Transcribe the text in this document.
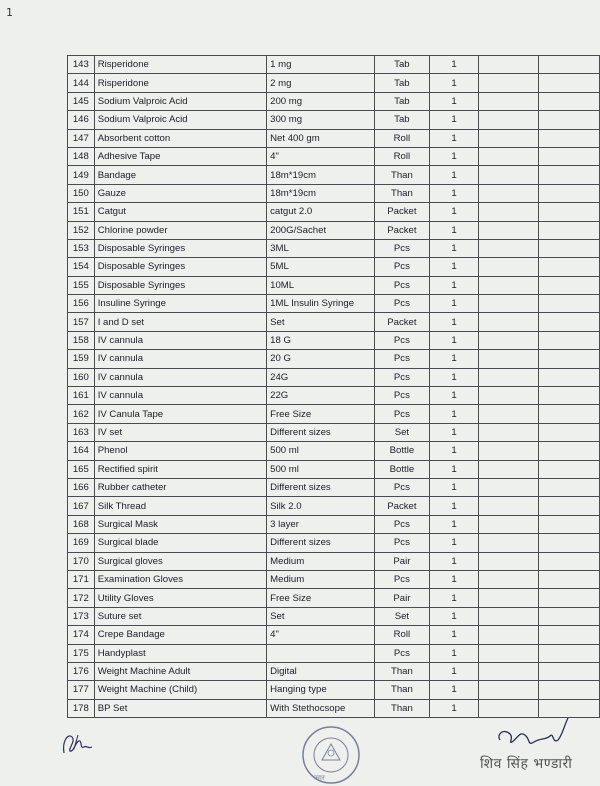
1
143	Risperidone	1 mg	Tab	1		
144	Risperidone	2 mg	Tab	1		
145	Sodium Valproic Acid	200 mg	Tab	1		
146	Sodium Valproic Acid	300 mg	Tab	1		
147	Absorbent cotton	Net 400 gm	Roll	1		
148	Adhesive Tape	4"	Roll	1		
149	Bandage	18m*19cm	Than	1		
150	Gauze	18m*19cm	Than	1		
151	Catgut	catgut 2.0	Packet	1		
152	Chlorine powder	200G/Sachet	Packet	1		
153	Disposable Syringes	3ML	Pcs	1		
154	Disposable Syringes	5ML	Pcs	1		
155	Disposable Syringes	10ML	Pcs	1		
156	Insuline Syringe	1ML Insulin Syringe	Pcs	1		
157	I and D set	Set	Packet	1		
158	IV cannula	18 G	Pcs	1		
159	IV cannula	20 G	Pcs	1		
160	IV cannula	24G	Pcs	1		
161	IV cannula	22G	Pcs	1		
162	IV Canula Tape	Free Size	Pcs	1		
163	IV set	Different sizes	Set	1		
164	Phenol	500 ml	Bottle	1		
165	Rectified spirit	500 ml	Bottle	1		
166	Rubber catheter	Different sizes	Pcs	1		
167	Silk Thread	Silk 2.0	Packet	1		
168	Surgical Mask	3 layer	Pcs	1		
169	Surgical blade	Different sizes	Pcs	1		
170	Surgical gloves	Medium	Pair	1		
171	Examination Gloves	Medium	Pcs	1		
172	Utility Gloves	Free Size	Pair	1		
173	Suture set	Set	Set	1		
174	Crepe Bandage	4"	Roll	1		
175	Handyplast		Pcs	1		
176	Weight Machine Adult	Digital	Than	1		
177	Weight Machine (Child)	Hanging type	Than	1		
178	BP Set	With Stethocsope	Than	1		
नगर
शिव सिंह भण्डारी
